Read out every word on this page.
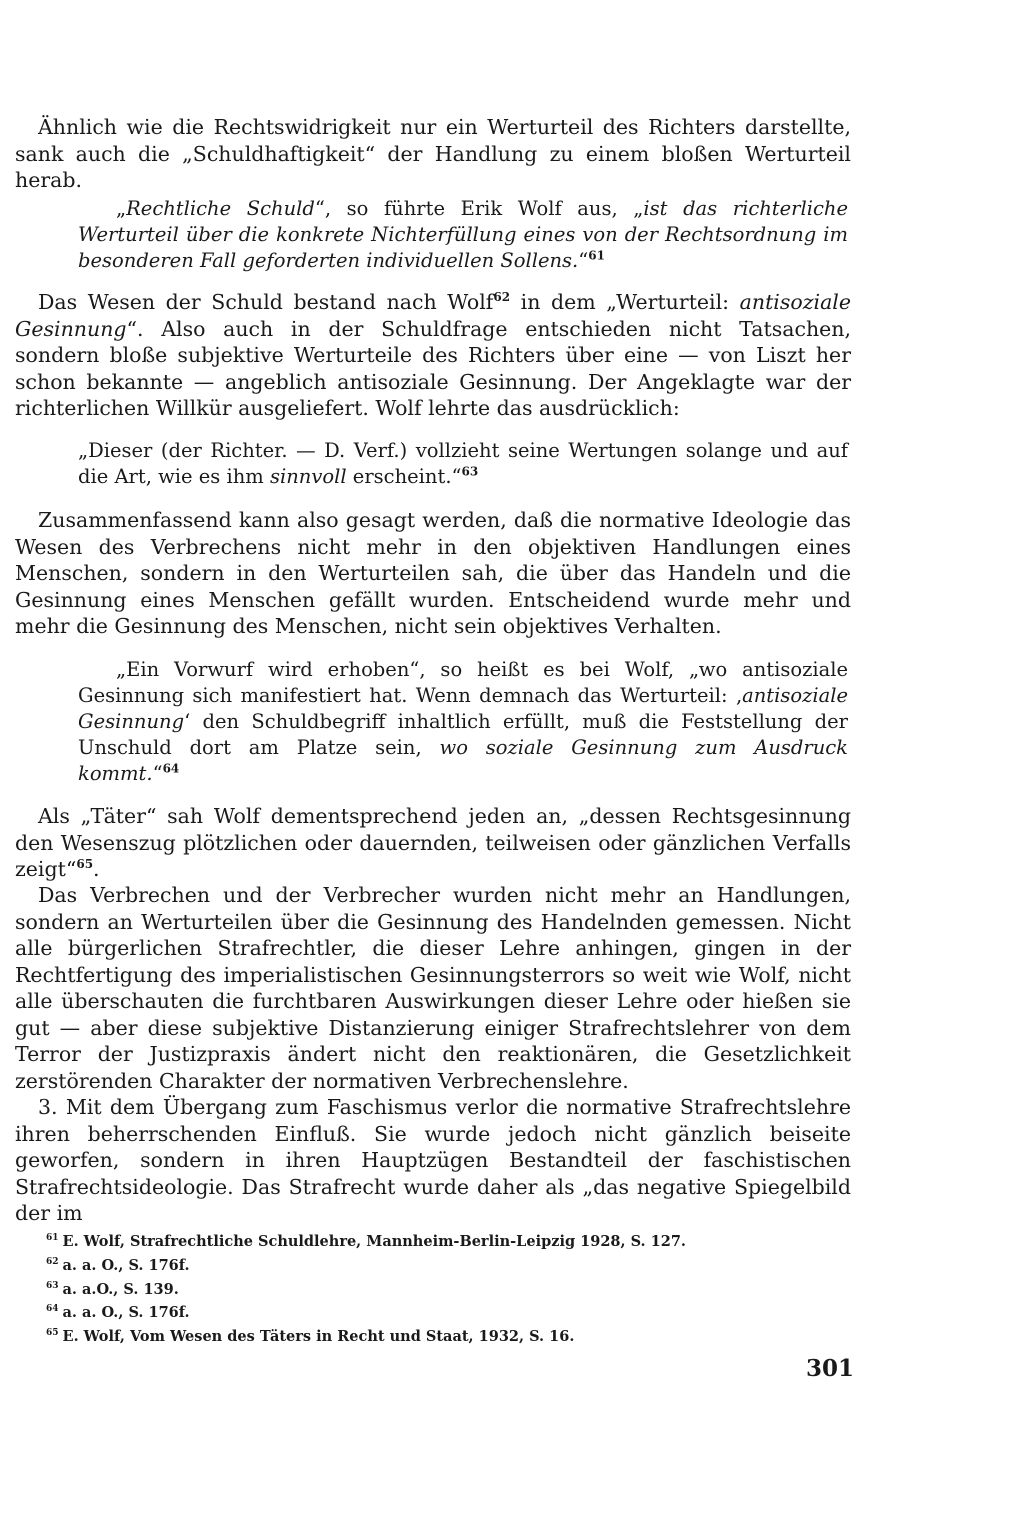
Ähnlich wie die Rechtswidrigkeit nur ein Werturteil des Richters darstellte, sank auch die „Schuldhaftigkeit“ der Handlung zu einem bloßen Werturteil herab.

„Rechtliche Schuld“, so führte Erik Wolf aus, „ist das richterliche Werturteil über die konkrete Nichterfüllung eines von der Rechtsordnung im besonderen Fall geforderten individuellen Sollens.“$^{61}$

Das Wesen der Schuld bestand nach Wolf$^{62}$ in dem „Werturteil: antisoziale Gesinnung“. Also auch in der Schuldfrage entschieden nicht Tatsachen, sondern bloße subjektive Werturteile des Richters über eine — von Liszt her schon bekannte — angeblich antisoziale Gesinnung. Der Angeklagte war der richterlichen Willkür ausgeliefert. Wolf lehrte das ausdrücklich:

„Dieser (der Richter. — D. Verf.) vollzieht seine Wertungen solange und auf die Art, wie es ihm sinnvoll erscheint.“$^{63}$

Zusammenfassend kann also gesagt werden, daß die normative Ideologie das Wesen des Verbrechens nicht mehr in den objektiven Handlungen eines Menschen, sondern in den Werturteilen sah, die über das Handeln und die Gesinnung eines Menschen gefällt wurden. Entscheidend wurde mehr und mehr die Gesinnung des Menschen, nicht sein objektives Verhalten.

„Ein Vorwurf wird erhoben“, so heißt es bei Wolf, „wo antisoziale Gesinnung sich manifestiert hat. Wenn demnach das Werturteil: ‚antisoziale Gesinnung‘ den Schuldbegriff inhaltlich erfüllt, muß die Feststellung der Unschuld dort am Platze sein, wo soziale Gesinnung zum Ausdruck kommt.“$^{64}$

Als „Täter“ sah Wolf dementsprechend jeden an, „dessen Rechtsgesinnung den Wesenszug plötzlichen oder dauernden, teilweisen oder gänzlichen Verfalls zeigt“$^{65}$.

Das Verbrechen und der Verbrecher wurden nicht mehr an Handlungen, sondern an Werturteilen über die Gesinnung des Handelnden gemessen. Nicht alle bürgerlichen Strafrechtler, die dieser Lehre anhingen, gingen in der Rechtfertigung des imperialistischen Gesinnungsterrors so weit wie Wolf, nicht alle überschauten die furchtbaren Auswirkungen dieser Lehre oder hießen sie gut — aber diese subjektive Distanzierung einiger Strafrechtslehrer von dem Terror der Justizpraxis ändert nicht den reaktionären, die Gesetzlichkeit zerstörenden Charakter der normativen Verbrechenslehre.

3. Mit dem Übergang zum Faschismus verlor die normative Strafrechtslehre ihren beherrschenden Einfluß. Sie wurde jedoch nicht gänzlich beiseite geworfen, sondern in ihren Hauptzügen Bestandteil der faschistischen Strafrechtsideologie. Das Strafrecht wurde daher als „das negative Spiegelbild der im

$^{61}$ E. Wolf, Strafrechtliche Schuldlehre, Mannheim-Berlin-Leipzig 1928, S. 127.

$^{62}$ a. a. O., S. 176f.

$^{63}$ a. a.O., S. 139.

$^{64}$ a. a. O., S. 176f.

$^{65}$ E. Wolf, Vom Wesen des Täters in Recht und Staat, 1932, S. 16.

301
